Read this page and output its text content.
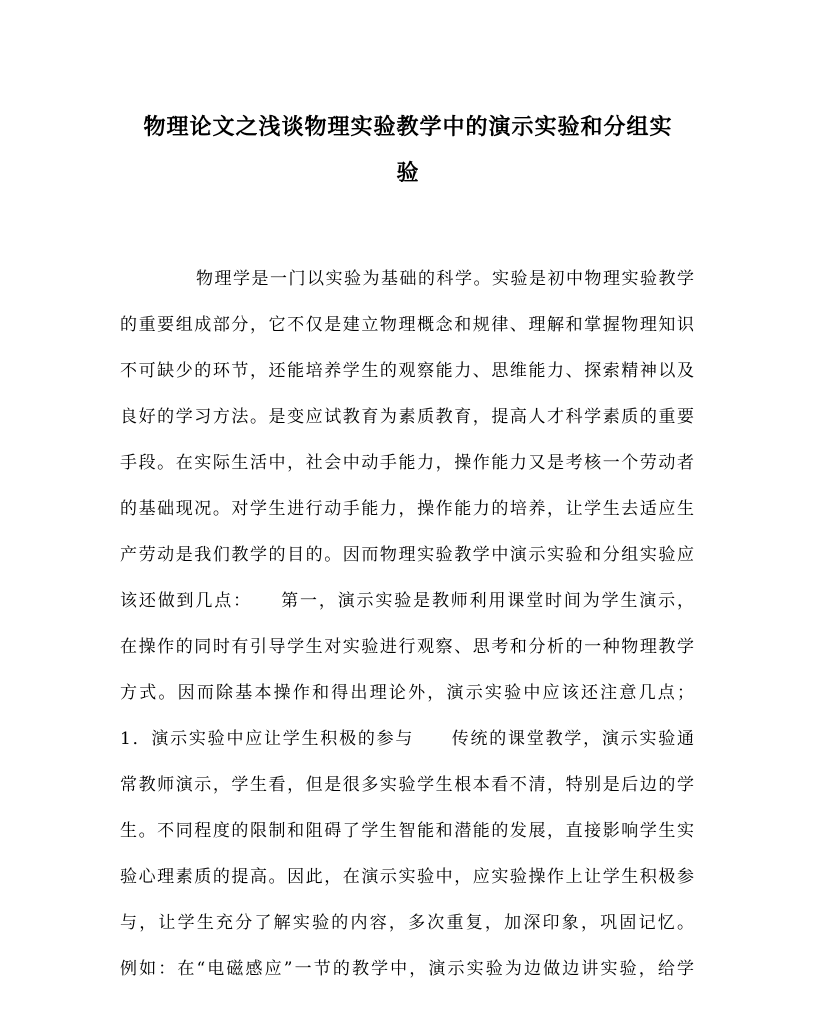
物理论文之浅谈物理实验教学中的演示实验和分组实
验
物理学是一门以实验为基础的科学。实验是初中物理实验教学
的重要组成部分，它不仅是建立物理概念和规律、理解和掌握物理知识
不可缺少的环节，还能培养学生的观察能力、思维能力、探索精神以及
良好的学习方法。是变应试教育为素质教育，提高人才科学素质的重要
手段。在实际生活中，社会中动手能力，操作能力又是考核一个劳动者
的基础现况。对学生进行动手能力，操作能力的培养，让学生去适应生
产劳动是我们教学的目的。因而物理实验教学中演示实验和分组实验应
该还做到几点：　　第一，演示实验是教师利用课堂时间为学生演示，
在操作的同时有引导学生对实验进行观察、思考和分析的一种物理教学
方式。因而除基本操作和得出理论外，演示实验中应该还注意几点；
1．演示实验中应让学生积极的参与　　传统的课堂教学，演示实验通
常教师演示，学生看，但是很多实验学生根本看不清，特别是后边的学
生。不同程度的限制和阻碍了学生智能和潜能的发展，直接影响学生实
验心理素质的提高。因此，在演示实验中，应实验操作上让学生积极参
与，让学生充分了解实验的内容，多次重复，加深印象，巩固记忆。
例如：在“电磁感应”一节的教学中，演示实验为边做边讲实验，给学
